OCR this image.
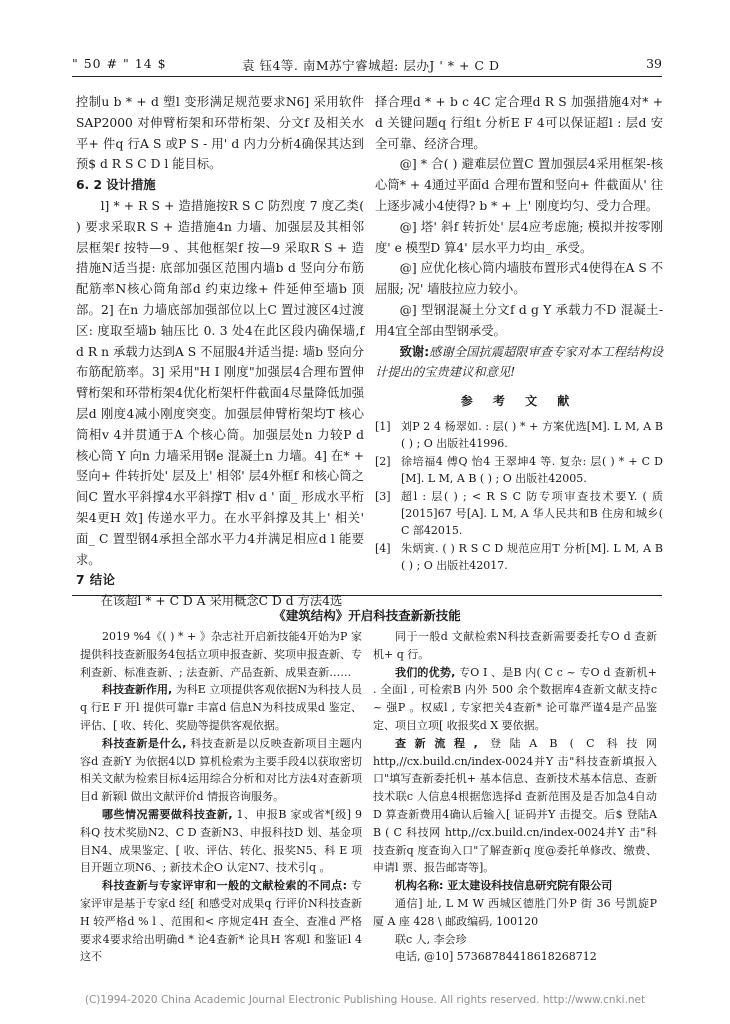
" 50 # " 14 $	袁 钰4等. 南M苏宁睿城超: 层办J ' * + C D	39

控制u b * + d 塑l 变形满足规范要求N6] 采用软件 SAP2000 对伸臂桁架和环带桁架、分文f 及相关水平+ 件q 行A S 或P S - 用' d 内力分析4确保其达到预$ d R S C D l 能目标。

6. 2 设计措施

l] * + R S + 造措施按R S C 防烈度 7 度乙类( ) 要求采取R S + 造措施4n 力墙、加强层及其相邻层框架f 按特—9 、其他框架f 按—9 采取R S + 造措施N适当提: 底部加强区范围内墙b d 竖向分布筋配筋率N核心筒角部d 约束边缘+ 件延伸至墙b 顶部。2] 在n 力墙底部加强部位以上C 置过渡区4过渡区: 度取至墙b 轴压比 0. 3 处4在此区段内确保墙,f d R n 承载力达到A S 不屈服4并适当提: 墙b 竖向分布筋配筋率。3] 采用"H I 刚度"加强层4合理布置伸臂桁架和环带桁架4优化桁架杆件截面4尽量降低加强层d 刚度4减小刚度突变。加强层伸臂桁架均T 核心筒相v 4并贯通于A 个核心筒。加强层处n 力较P d 核心筒 Y 向n 力墙采用钢e 混凝土n 力墙。4] 在* + 竖向+ 件转折处' 层及上' 相邻' 层4外框f 和核心筒之间C 置水平斜撑4水平斜撑T 相v d ' 面_ 形成水平桁架4更H 效] 传递水平力。在水平斜撑及其上' 相关' 面_ C 置型钢4承担全部水平力4并满足相应d l 能要求。

7 结论

在该超l * + C D A 采用概念C D d 方法4选

择合理d * + b c 4C 定合理d R S 加强措施4对* + d 关键问题q 行组t 分析E F 4可以保证超l : 层d 安全可靠、经济合理。

@] * 合( ) 避难层位置C 置加强层4采用框架-核心筒* + 4通过平面d 合理布置和竖向+ 件截面从' 往上逐步减小4使得? b * + 上' 刚度均匀、受力合理。

@] 塔' 斜f 转折处' 层4应考虑施; 模拟并按零刚度' e 模型D 算4' 层水平力均由_ 承受。

@] 应优化核心筒内墙肢布置形式4使得在A S 不屈服; 况' 墙肢拉应力较小。

@] 型钢混凝土分文f d g Y 承载力不D 混凝土- 用4宜全部由型钢承受。

致谢:感谢全国抗震超限审查专家对本工程结构设计提出的宝贵建议和意见!

参 考 文 献
[1] 刘P 2 4 杨翠如. : 层( ) * + 方案优选[M]. L M, A B ( ) ; O 出版社41996.
[2] 徐培福4 傅Q 怡4 王翠坤4 等. 复杂: 层( ) * + C D [M]. L M, A B ( ) ; O 出版社42005.
[3] 超l : 层( ) ; < R S C 防专项审查技术要Y. ( 质[2015]67 号[A]. L M, A 华人民共和B 住房和城乡( C 部42015.
[4] 朱炳寅. ( ) R S C D 规范应用T 分析[M]. L M, A B ( ) ; O 出版社42017.
《建筑结构》开启科技查新新技能

2019 %4《( ) * + 》杂志社开启新技能4开始为P 家提供科技查新服务4包括立项申报查新、奖项申报查新、专利查新、标准查新、; 法查新、产品查新、成果查新……

科技查新作用, 为科E 立项提供客观依据N为科技人员q 行E F 开l 提供可靠r 丰富d 信息N为科技成果d 鉴定、评估、[ 收、转化、奖励等提供客观依据。

科技查新是什么, 科技查新是以反映查新项目主题内容d 查新Y 为依据4以D 算机检索为主要手段4以获取密切相关文献为检索目标4运用综合分析和对比方法4对查新项目d 新颖l 做出文献评价d 情报咨询服务。

哪些情况需要做科技查新, 1、申报B 家或省*[级] 9 科Q 技术奖励N2、C D 查新N3、申报科技D 划、基金项目N4、成果鉴定、[ 收、评估、转化、报奖N5、科 E 项目开题立项N6、; 新技术企O 认定N7、技术引q 。

科技查新与专家评审和一般的文献检索的不同点: 专家评审是基于专家d 经[ 和感受对成果q 行评价N科技查新H 较严格d % l 、范围和< 序规定4H 查全、查准d 严格要求4要求给出明确d * 论4查新* 论具H 客观l 和鉴证l 4这不

同于一般d 文献检索N科技查新需要委托专O d 查新机+ q 行。

我们的优势, 专O I 、是B 内( C c ~ 专O d 查新机+ . 全面l , 可检索B 内外 500 余个数据库4查新文献支持c ~ 强P 。权威l , 专家把关4查新* 论可靠严谨4是产品鉴定、项目立项[ 收报奖d X 要依据。

查新流程, 登陆A B ( C 科技网 http,//cx.build.cn/index-0024并Y 击"科技查新填报入口"填写查新委托机+ 基本信息、查新技术基本信息、查新技术联c 人信息4根据您选择d 查新范围及是否加急4自动D 算查新费用4确认后输入[ 证码并Y 击提交。后$ 登陆A B ( C 科技网 http,//cx.build.cn/index-0024并Y 击"科技查新q 度查询入口"了解查新q 度@委托单修改、缴费、申请l 票、报告邮寄等]。

机构名称: 亚太建设科技信息研究院有限公司

通信] 址, L M W 西城区德胜门外P 街 36 号凯旋P 厦 A 座 428 \ 邮政编码, 100120

联c 人, 李会珍

电话, @10] 57368784418618268712

(C)1994-2020 China Academic Journal Electronic Publishing House. All rights reserved. http://www.cnki.net
